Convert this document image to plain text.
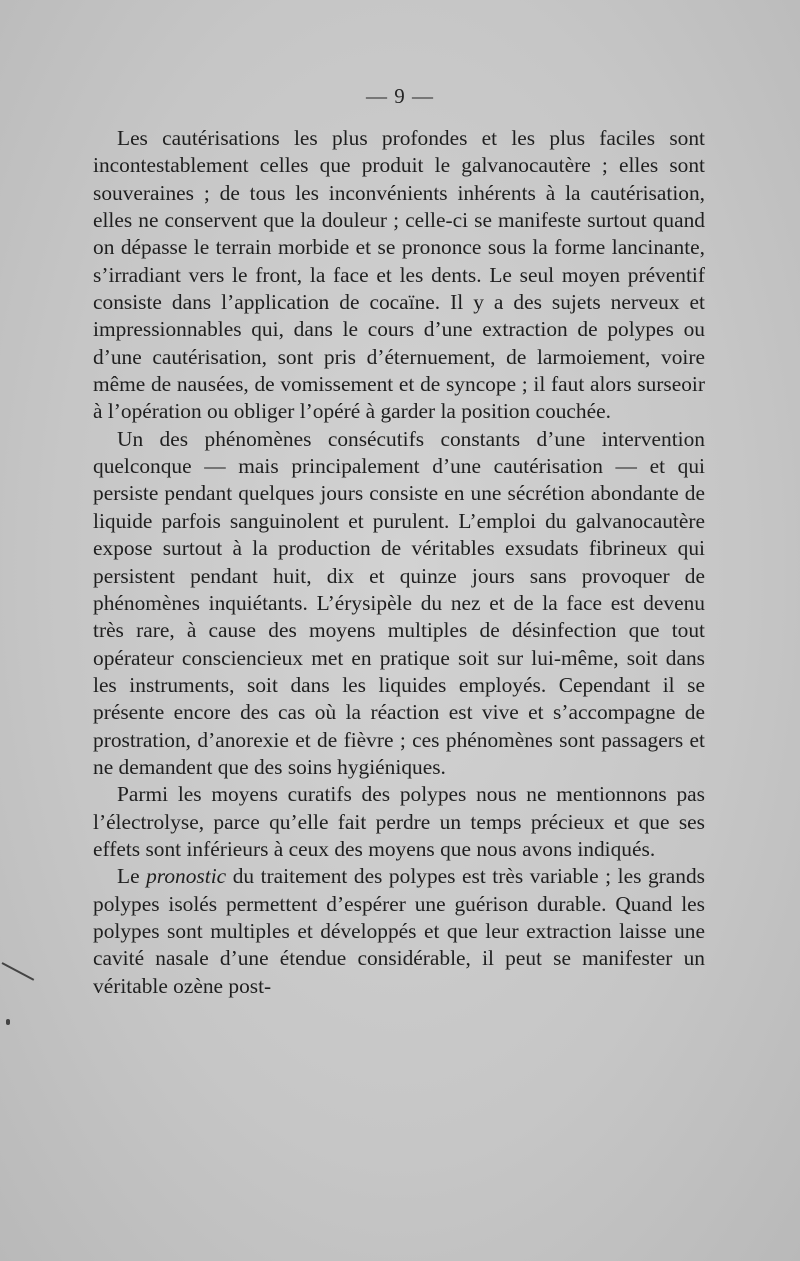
— 9 —

Les cautérisations les plus profondes et les plus faciles sont incontestablement celles que produit le galvanocautère ; elles sont souveraines ; de tous les inconvénients inhérents à la cautérisation, elles ne conservent que la douleur ; celle-ci se manifeste surtout quand on dépasse le terrain morbide et se prononce sous la forme lancinante, s’irradiant vers le front, la face et les dents. Le seul moyen préventif consiste dans l’application de cocaïne. Il y a des sujets nerveux et impressionnables qui, dans le cours d’une extraction de polypes ou d’une cautérisation, sont pris d’éternuement, de larmoiement, voire même de nausées, de vomissement et de syncope ; il faut alors surseoir à l’opération ou obliger l’opéré à garder la position couchée.

Un des phénomènes consécutifs constants d’une intervention quelconque — mais principalement d’une cautérisation — et qui persiste pendant quelques jours consiste en une sécrétion abondante de liquide parfois sanguinolent et purulent. L’emploi du galvanocautère expose surtout à la production de véritables exsudats fibrineux qui persistent pendant huit, dix et quinze jours sans provoquer de phénomènes inquiétants. L’érysipèle du nez et de la face est devenu très rare, à cause des moyens multiples de désinfection que tout opérateur consciencieux met en pratique soit sur lui-même, soit dans les instruments, soit dans les liquides employés. Cependant il se présente encore des cas où la réaction est vive et s’accompagne de prostration, d’anorexie et de fièvre ; ces phénomènes sont passagers et ne demandent que des soins hygiéniques.

Parmi les moyens curatifs des polypes nous ne mentionnons pas l’électrolyse, parce qu’elle fait perdre un temps précieux et que ses effets sont inférieurs à ceux des moyens que nous avons indiqués.

Le pronostic du traitement des polypes est très variable ; les grands polypes isolés permettent d’espérer une guérison durable. Quand les polypes sont multiples et développés et que leur extraction laisse une cavité nasale d’une étendue considérable, il peut se manifester un véritable ozène post-
